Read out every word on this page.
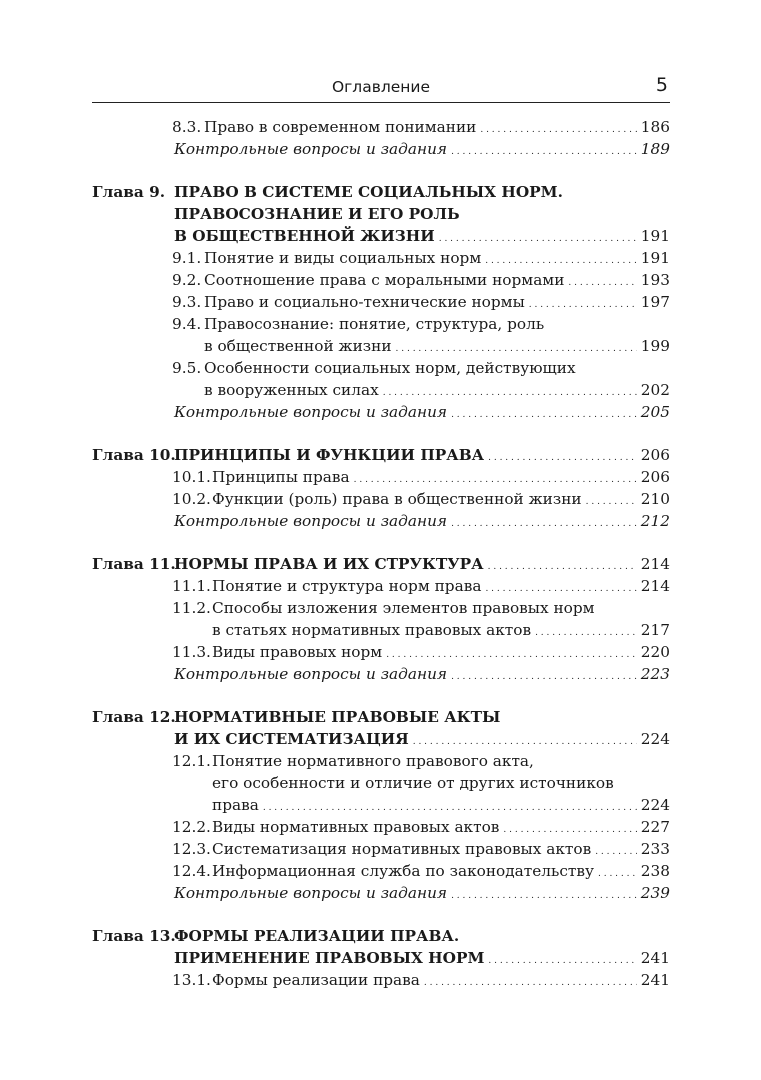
Оглавление	5
8.3. Право в современном понимании . . .	186
Контрольные вопросы и задания . . .	189
Глава 9. ПРАВО В СИСТЕМЕ СОЦИАЛЬНЫХ НОРМ.
ПРАВОСОЗНАНИЕ И ЕГО РОЛЬ
В ОБЩЕСТВЕННОЙ ЖИЗНИ . . .	191
9.1. Понятие и виды социальных норм . . .	191
9.2. Соотношение права с моральными нормами . . .	193
9.3. Право и социально-технические нормы . . .	197
9.4. Правосознание: понятие, структура, роль
в общественной жизни . . .	199
9.5. Особенности социальных норм, действующих
в вооруженных силах . . .	202
Контрольные вопросы и задания . . .	205
Глава 10.
ПРИНЦИПЫ И ФУНКЦИИ ПРАВА . . .	206
10.1.Принципы права . . .	206
10.2.Функции (роль) права в общественной жизни . . .	210
Контрольные вопросы и задания . . .	212
Глава 11.
НОРМЫ ПРАВА И ИХ СТРУКТУРА . . .	214
11.1.Понятие и структура норм права . . .	214
11.2.Способы изложения элементов правовых норм
в статьях нормативных правовых актов . . .	217
11.3.Виды правовых норм . . .	220
Контрольные вопросы и задания . . .	223
Глава 12.
НОРМАТИВНЫЕ ПРАВОВЫЕ АКТЫ
И ИХ СИСТЕМАТИЗАЦИЯ . . .	224
12.1.Понятие нормативного правового акта,
его особенности и отличие от других источников
права . . .	224
12.2.Виды нормативных правовых актов . . .	227
12.3.Систематизация нормативных правовых актов . . .	233
12.4.Информационная служба по законодательству . . .	238
Контрольные вопросы и задания . . .	239
Глава 13.
ФОРМЫ РЕАЛИЗАЦИИ ПРАВА.
ПРИМЕНЕНИЕ ПРАВОВЫХ НОРМ . . .	241
13.1.Формы реализации права . . .	241
